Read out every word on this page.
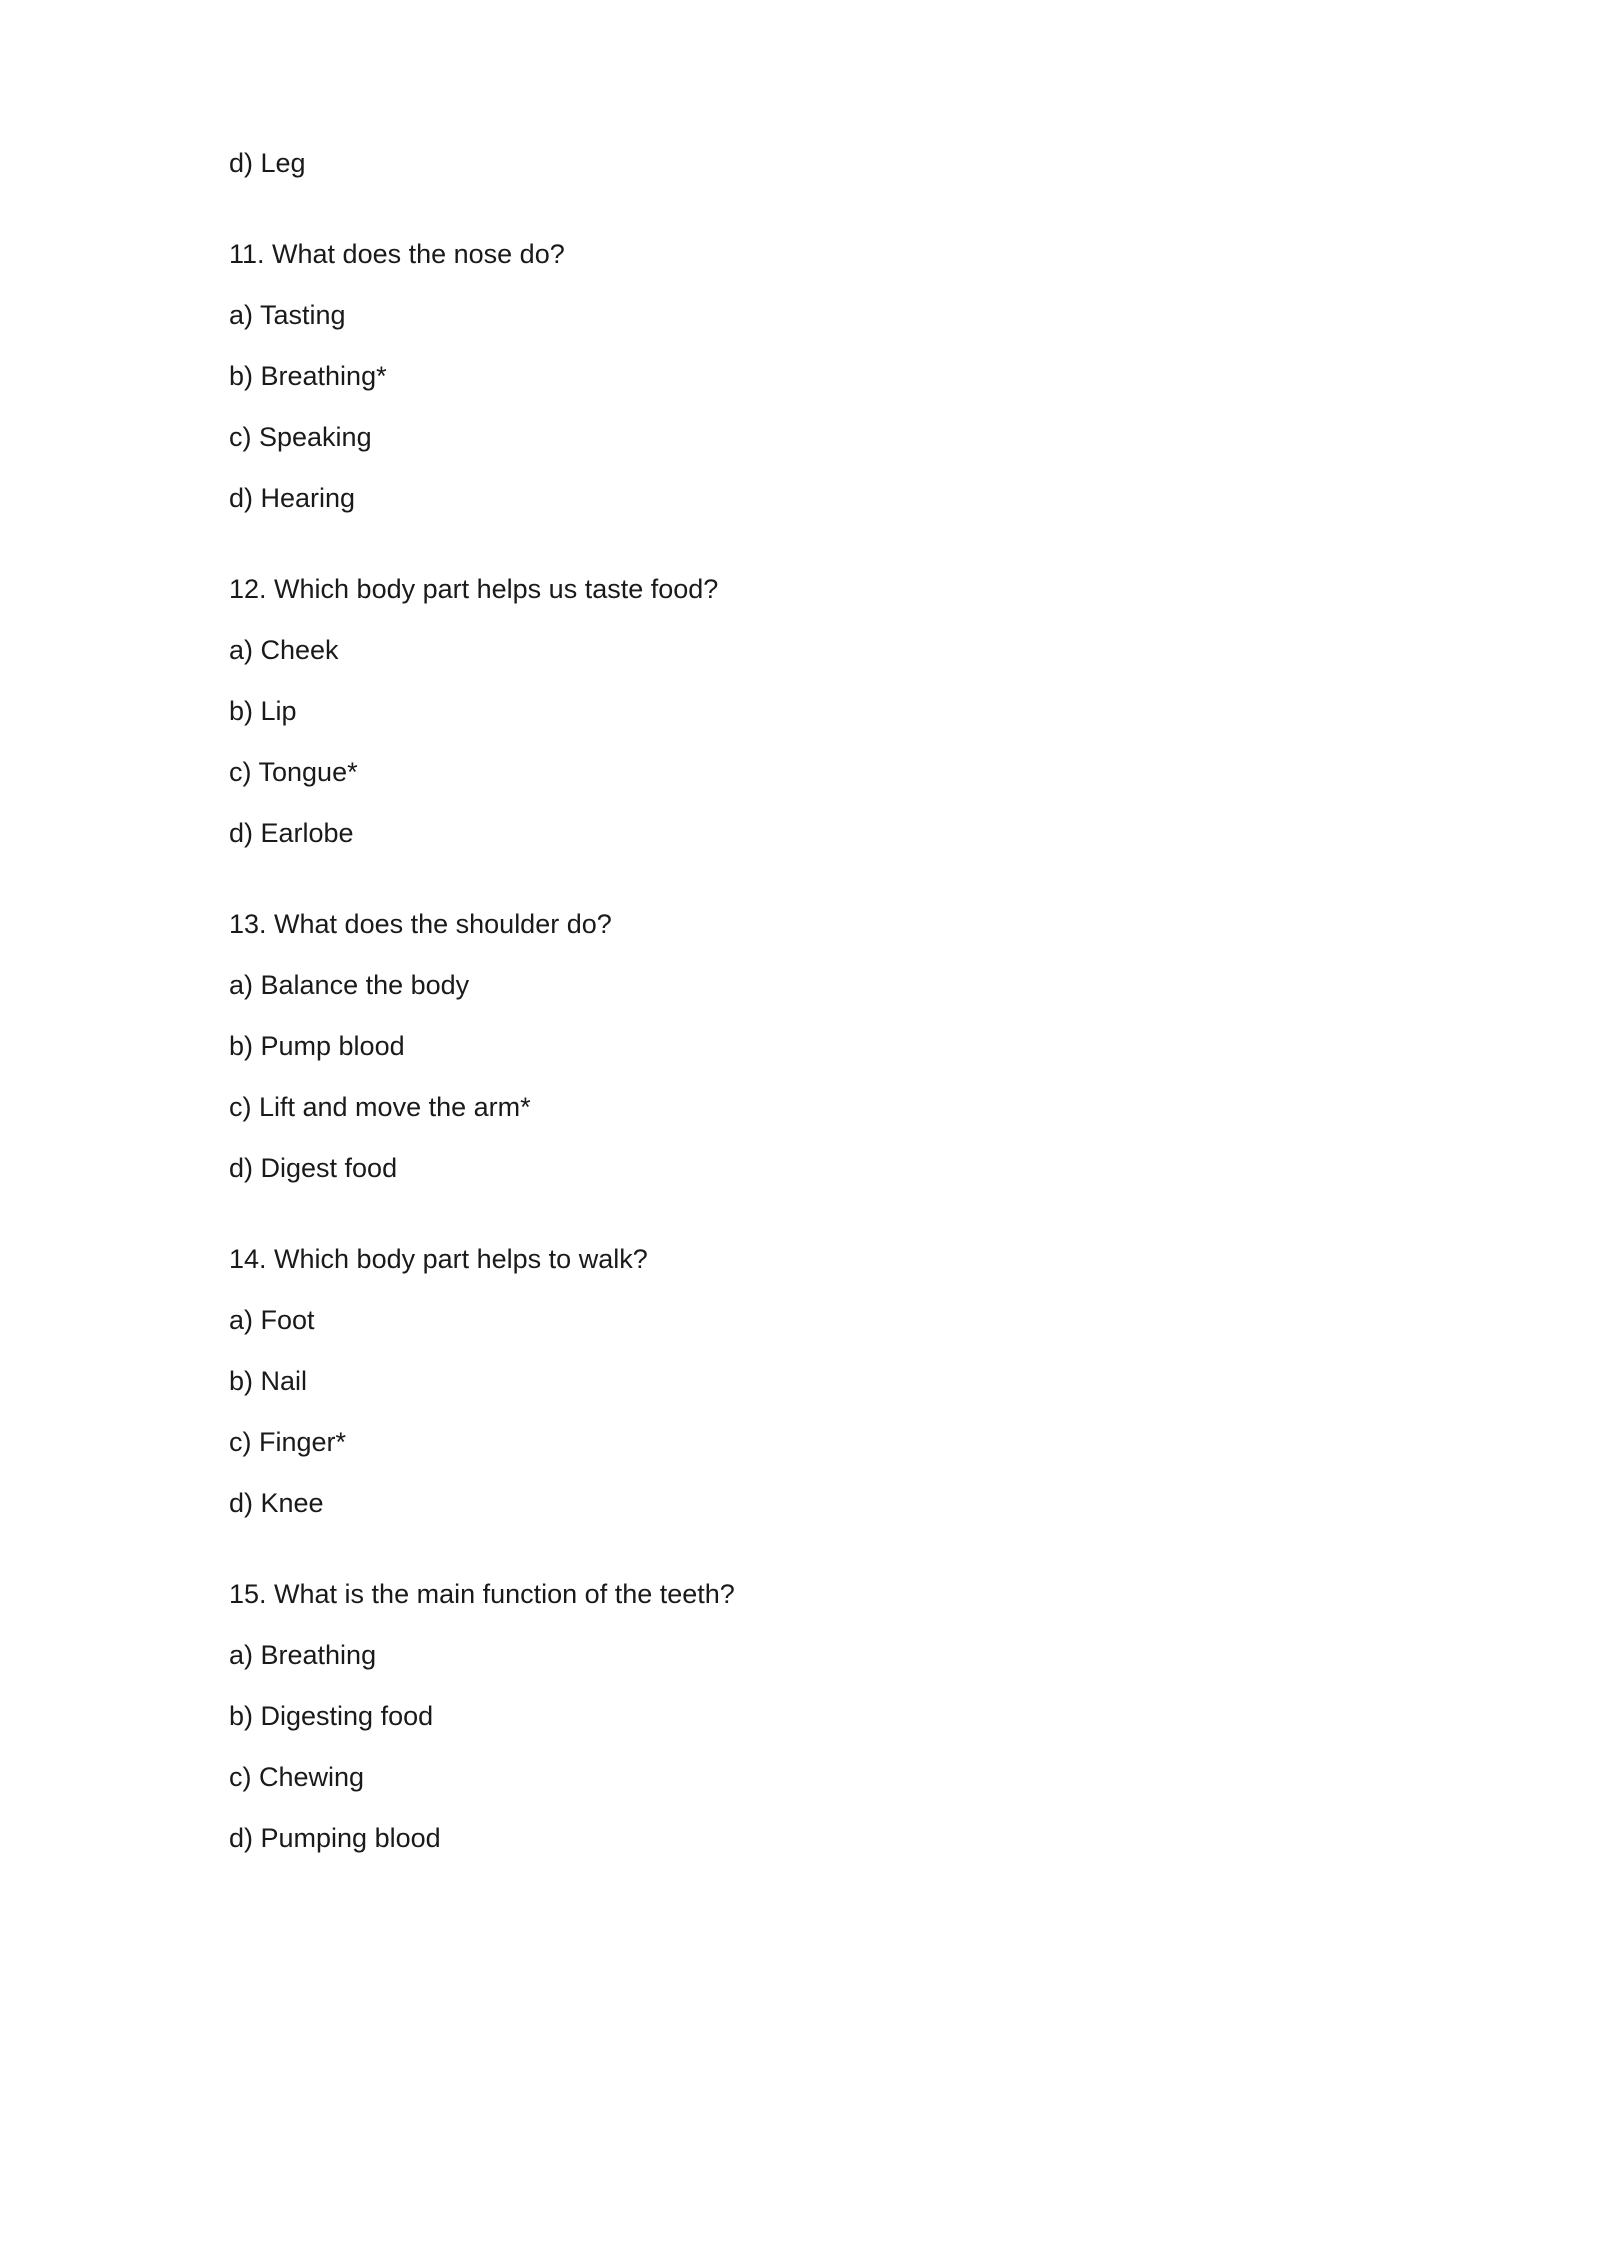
d) Leg
11. What does the nose do?
a) Tasting
b) Breathing*
c) Speaking
d) Hearing
12. Which body part helps us taste food?
a) Cheek
b) Lip
c) Tongue*
d) Earlobe
13. What does the shoulder do?
a) Balance the body
b) Pump blood
c) Lift and move the arm*
d) Digest food
14. Which body part helps to walk?
a) Foot
b) Nail
c) Finger*
d) Knee
15. What is the main function of the teeth?
a) Breathing
b) Digesting food
c) Chewing
d) Pumping blood
